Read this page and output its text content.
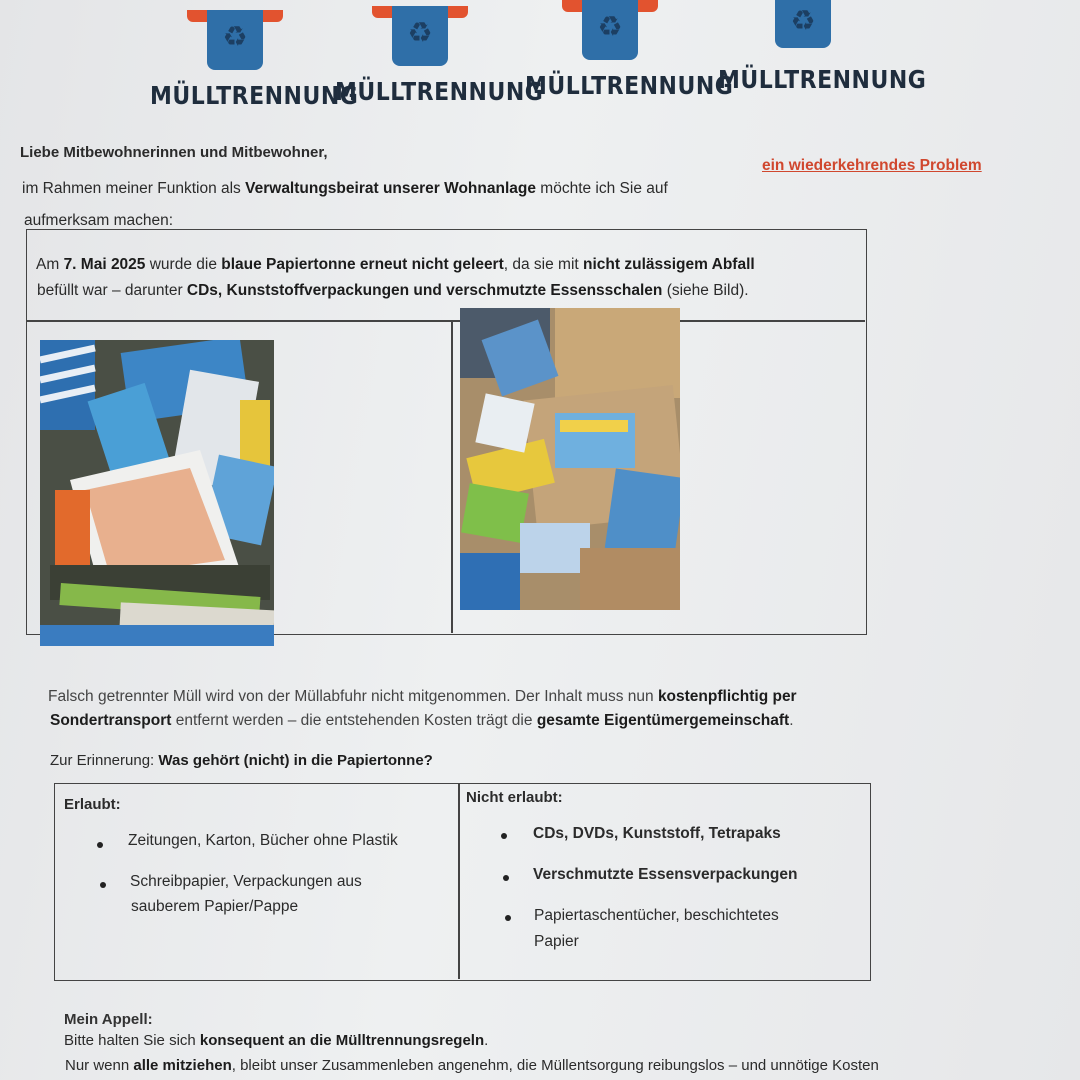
♻
MÜLLTRENNUNG
♻
MÜLLTRENNUNG
♻
MÜLLTRENNUNG
♻
MÜLLTRENNUNG
Liebe Mitbewohnerinnen und Mitbewohner,
im Rahmen meiner Funktion als Verwaltungsbeirat unserer Wohnanlage möchte ich Sie auf
ein wiederkehrendes Problem
aufmerksam machen:
Am 7. Mai 2025 wurde die blaue Papiertonne erneut nicht geleert, da sie mit nicht zulässigem Abfall
befüllt war – darunter CDs, Kunststoffverpackungen und verschmutzte Essensschalen (siehe Bild).
Falsch getrennter Müll wird von der Müllabfuhr nicht mitgenommen. Der Inhalt muss nun kostenpflichtig per
Sondertransport entfernt werden – die entstehenden Kosten trägt die gesamte Eigentümergemeinschaft.
Zur Erinnerung: Was gehört (nicht) in die Papiertonne?
Erlaubt:	Nicht erlaubt:
Zeitungen, Karton, Bücher ohne Plastik
Schreibpapier, Verpackungen aus
sauberem Papier/Pappe
CDs, DVDs, Kunststoff, Tetrapaks
Verschmutzte Essensverpackungen
Papiertaschentücher, beschichtetes
Papier
Mein Appell:
Bitte halten Sie sich konsequent an die Mülltrennungsregeln.
Nur wenn alle mitziehen, bleibt unser Zusammenleben angenehm, die Müllentsorgung reibungslos – und unnötige Kosten
